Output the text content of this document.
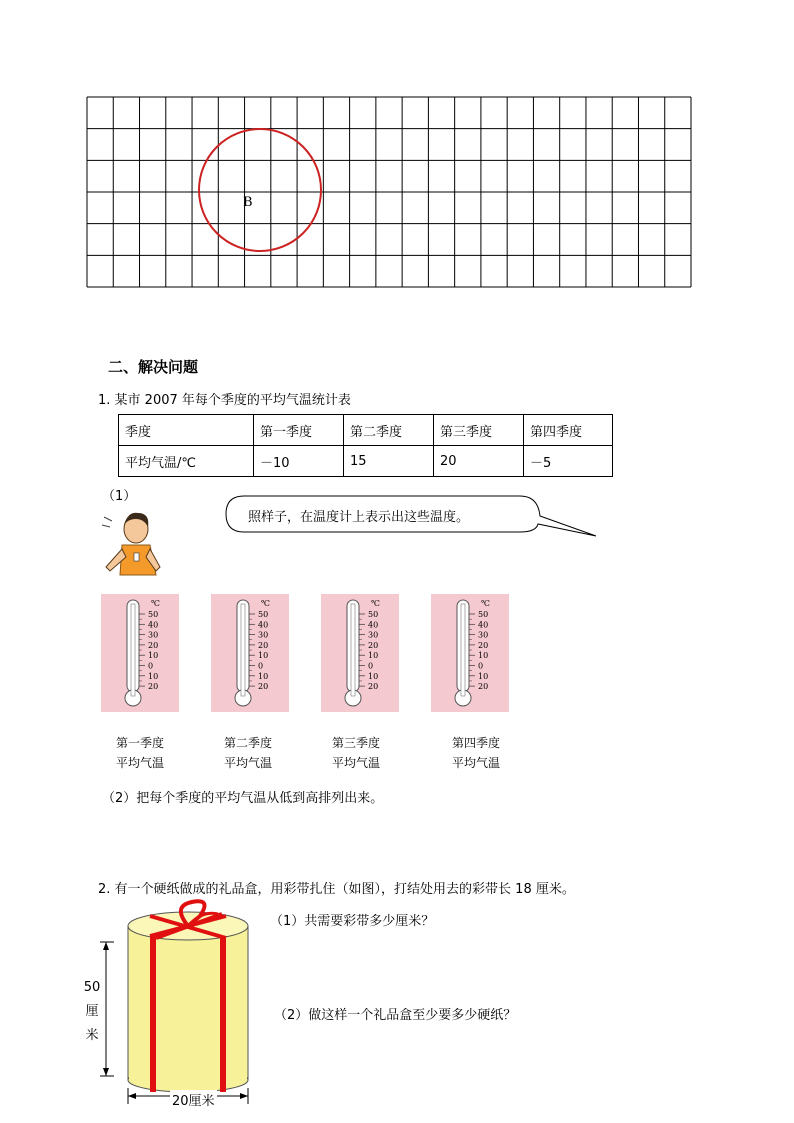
B
二、解决问题
1. 某市 2007 年每个季度的平均气温统计表
季度	第一季度	第二季度	第三季度	第四季度
平均气温/℃	－10	15	20	－5
（1）
照样子，在温度计上表示出这些温度。
℃
50
40
30
20
10
0
10
20
℃
50
40
30
20
10
0
10
20
℃
50
40
30
20
10
0
10
20
℃
50
40
30
20
10
0
10
20
第一季度
平均气温
第二季度
平均气温
第三季度
平均气温
第四季度
平均气温
（2）把每个季度的平均气温从低到高排列出来。
2. 有一个硬纸做成的礼品盒，用彩带扎住（如图），打结处用去的彩带长 18 厘米。
（1）共需要彩带多少厘米？
（2）做这样一个礼品盒至少要多少硬纸？
50
厘
米
20厘米
